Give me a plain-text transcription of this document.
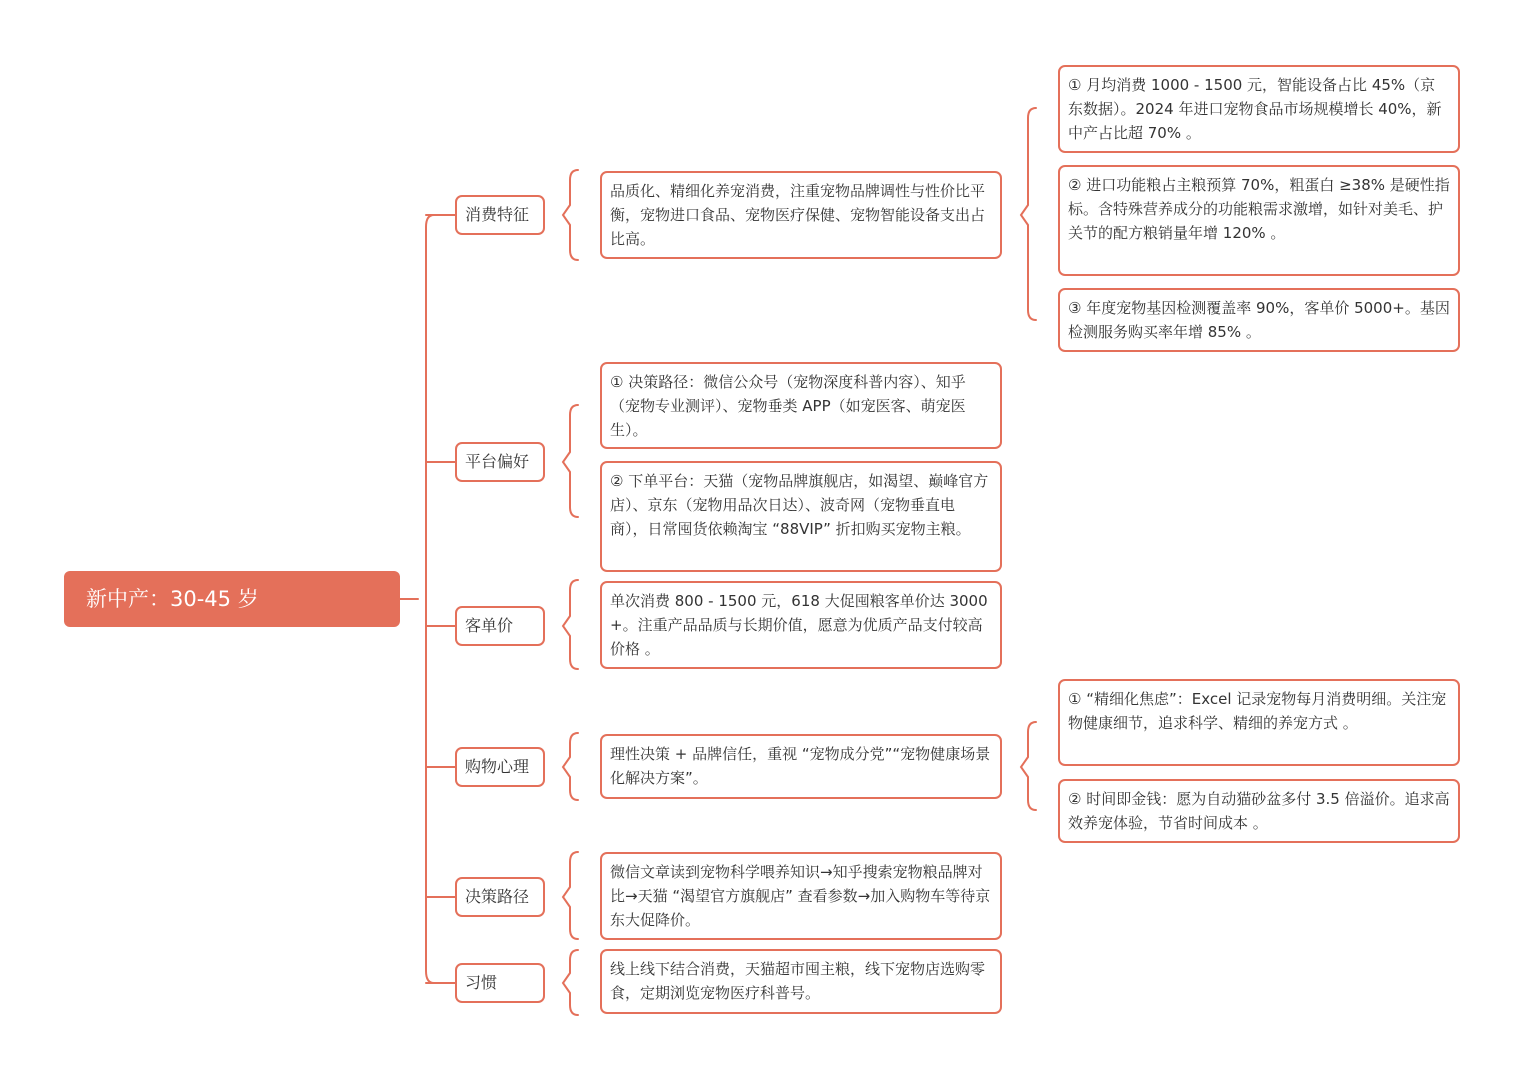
新中产：30-45 岁
消费特征
平台偏好
客单价
购物心理
决策路径
习惯
品质化、精细化养宠消费，注重宠物品牌调性与性价比平衡，宠物进口食品、宠物医疗保健、宠物智能设备支出占比高。
① 决策路径：微信公众号（宠物深度科普内容）、知乎（宠物专业测评）、宠物垂类 APP（如宠医客、萌宠医生）。
② 下单平台：天猫（宠物品牌旗舰店，如渴望、巅峰官方店）、京东（宠物用品次日达）、波奇网（宠物垂直电商），日常囤货依赖淘宝 “88VIP” 折扣购买宠物主粮。
单次消费 800 - 1500 元，618 大促囤粮客单价达 3000+。注重产品品质与长期价值，愿意为优质产品支付较高价格 。
理性决策 + 品牌信任，重视 “宠物成分党”“宠物健康场景化解决方案”。
微信文章读到宠物科学喂养知识→知乎搜索宠物粮品牌对比→天猫 “渴望官方旗舰店” 查看参数→加入购物车等待京东大促降价。
线上线下结合消费，天猫超市囤主粮，线下宠物店选购零食，定期浏览宠物医疗科普号。
① 月均消费 1000 - 1500 元，智能设备占比 45%（京东数据）。2024 年进口宠物食品市场规模增长 40%，新中产占比超 70% 。
② 进口功能粮占主粮预算 70%，粗蛋白 ≥38% 是硬性指标。含特殊营养成分的功能粮需求激增，如针对美毛、护关节的配方粮销量年增 120% 。
③ 年度宠物基因检测覆盖率 90%，客单价 5000+。基因检测服务购买率年增 85% 。
① “精细化焦虑”：Excel 记录宠物每月消费明细。关注宠物健康细节，追求科学、精细的养宠方式 。
② 时间即金钱：愿为自动猫砂盆多付 3.5 倍溢价。追求高效养宠体验，节省时间成本 。
